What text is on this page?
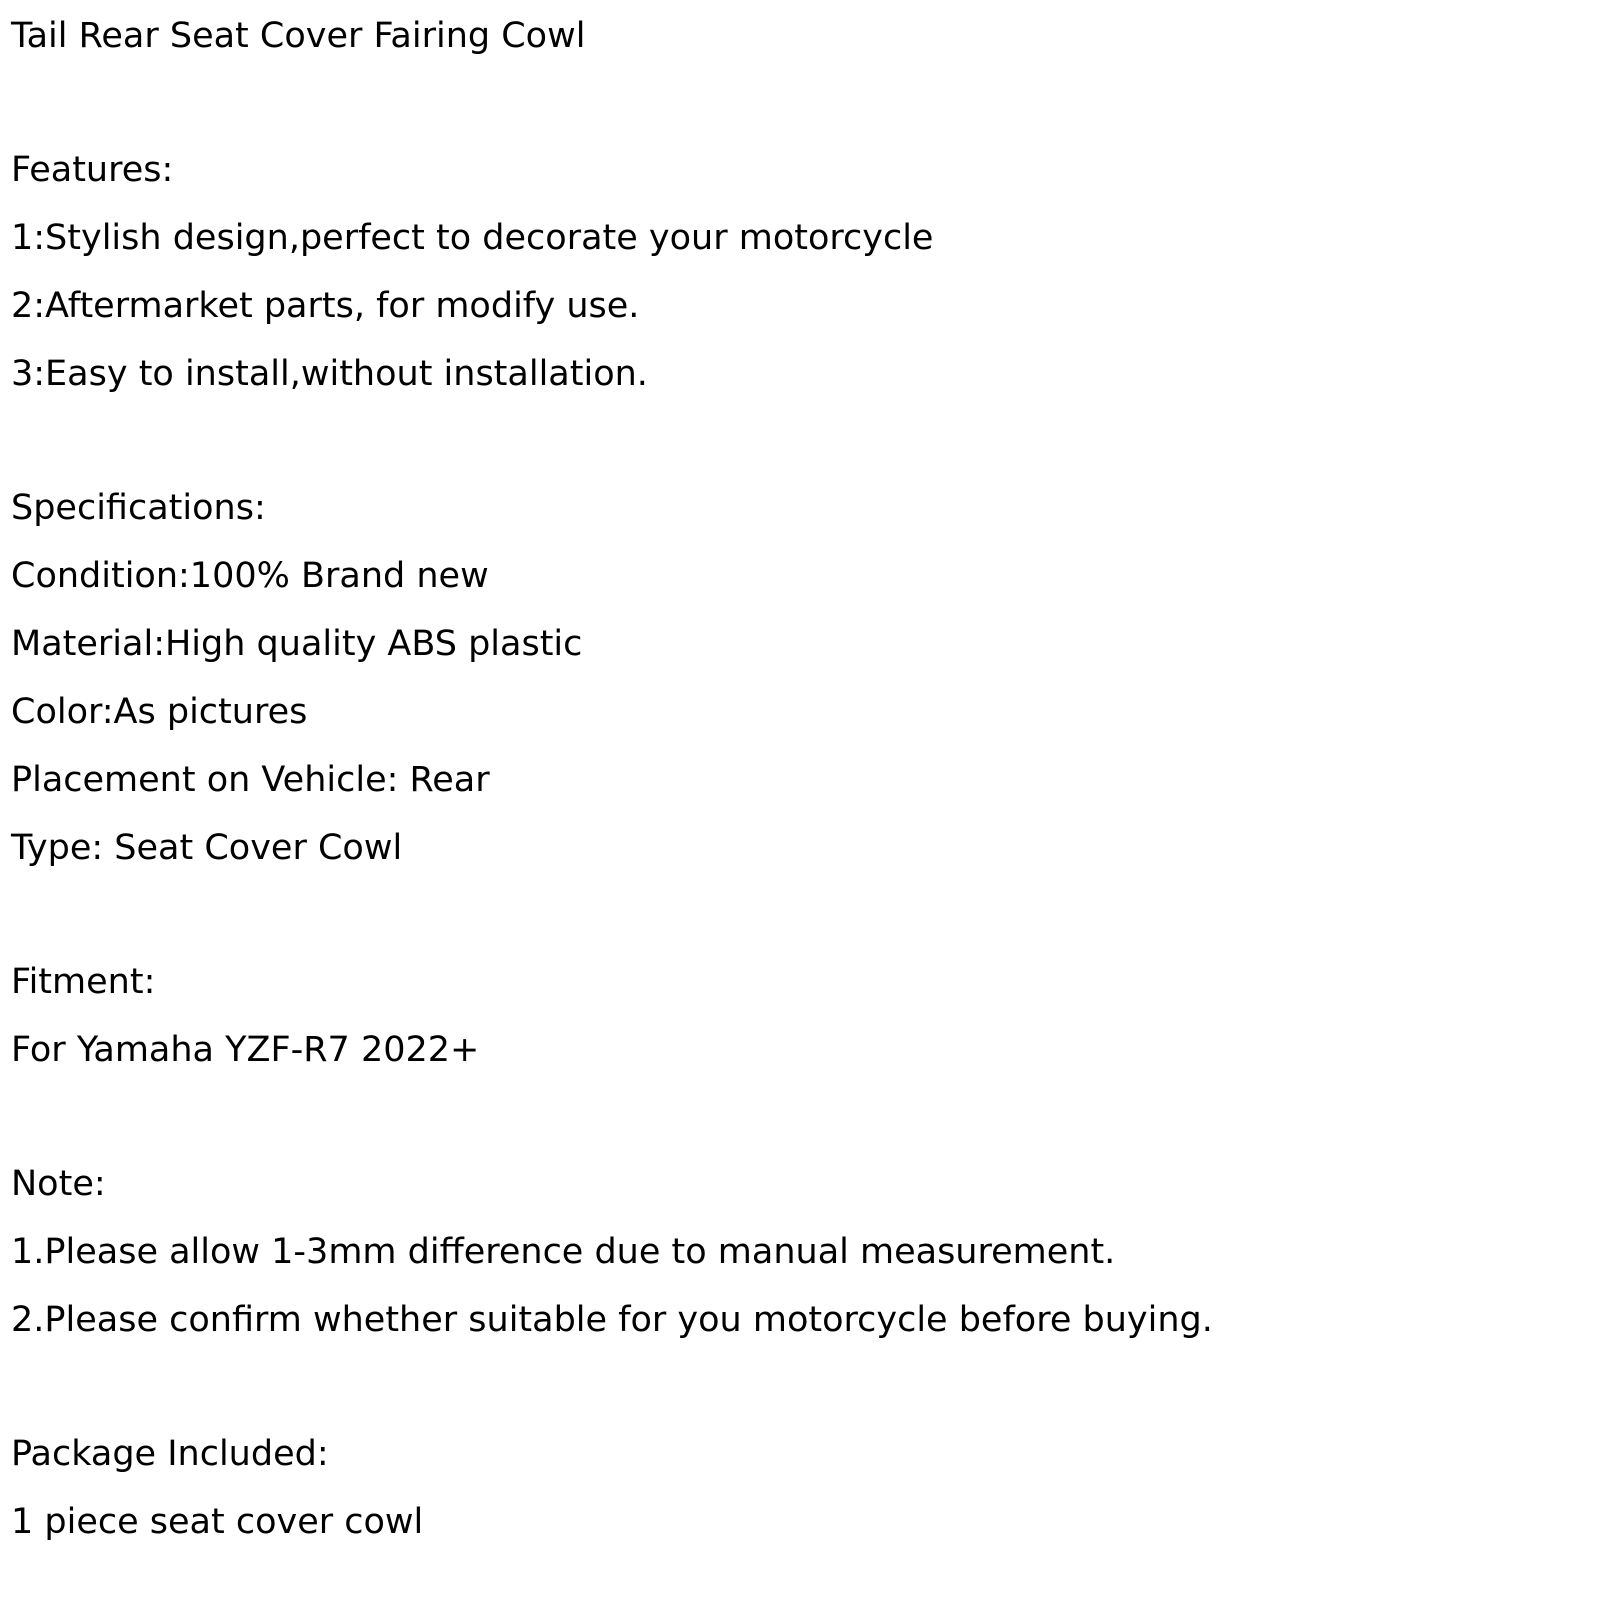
Tail Rear Seat Cover Fairing Cowl
Features:
1:Stylish design,perfect to decorate your motorcycle
2:Aftermarket parts, for modify use.
3:Easy to install,without installation.
Specifications:
Condition:100% Brand new
Material:High quality ABS plastic
Color:As pictures
Placement on Vehicle: Rear
Type: Seat Cover Cowl
Fitment:
For Yamaha YZF-R7 2022+
Note:
1.Please allow 1-3mm difference due to manual measurement.
2.Please confirm whether suitable for you motorcycle before buying.
Package Included:
1 piece seat cover cowl
